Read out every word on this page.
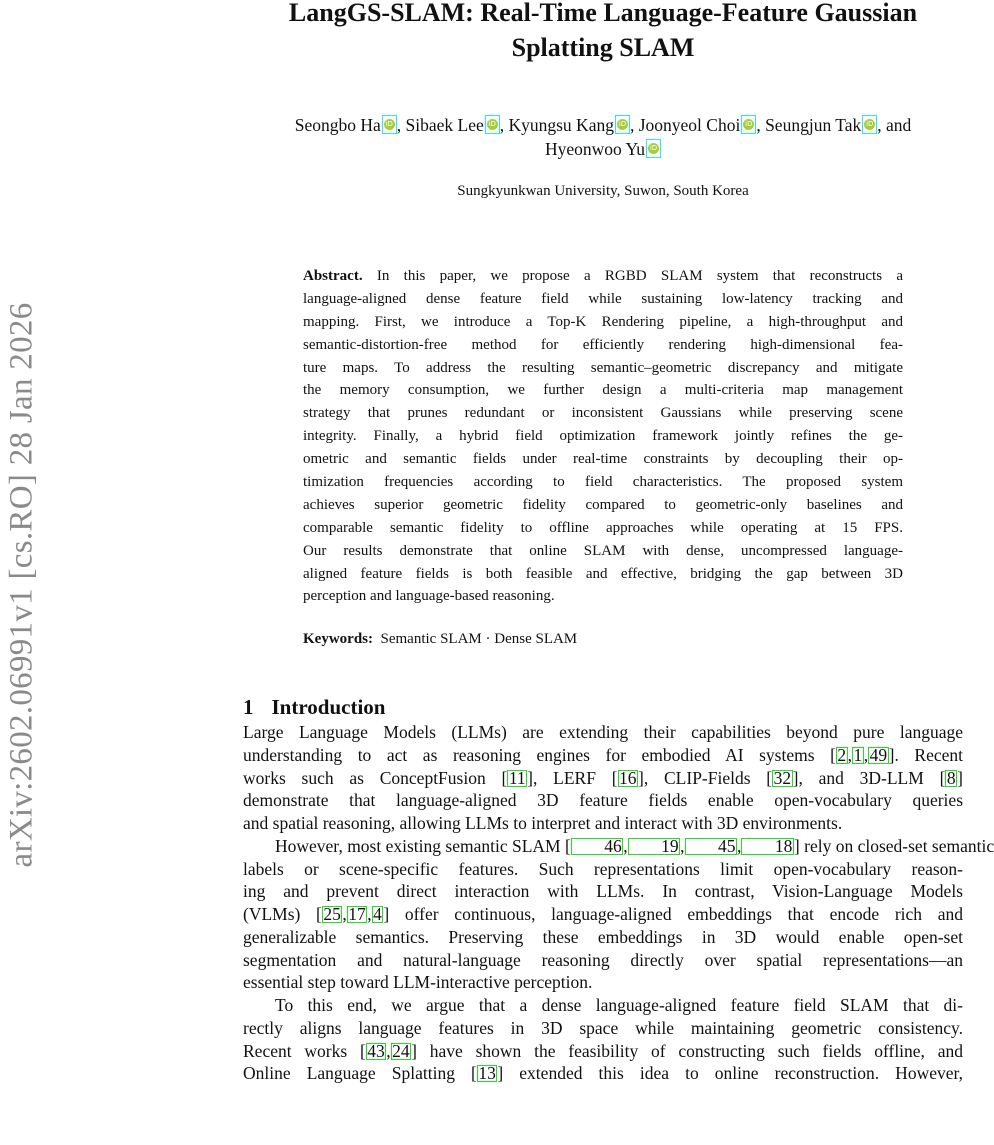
arXiv:2602.06991v1 [cs.RO] 28 Jan 2026
LangGS-SLAM: Real-Time Language-Feature Gaussian
Splatting SLAM
Seongbo Ha iD , Sibaek Lee iD , Kyungsu Kang iD , Joonyeol Choi iD , Seungjun Tak iD , and
Hyeonwoo YuiD
Sungkyunkwan University, Suwon, South Korea
Abstract. In this paper, we propose a RGBD SLAM system that reconstructs a
language-aligned dense feature field while sustaining low-latency tracking and
mapping. First, we introduce a Top-K Rendering pipeline, a high-throughput and
semantic-distortion-free method for efficiently rendering high-dimensional fea-
ture maps. To address the resulting semantic–geometric discrepancy and mitigate
the memory consumption, we further design a multi-criteria map management
strategy that prunes redundant or inconsistent Gaussians while preserving scene
integrity. Finally, a hybrid field optimization framework jointly refines the ge-
ometric and semantic fields under real-time constraints by decoupling their op-
timization frequencies according to field characteristics. The proposed system
achieves superior geometric fidelity compared to geometric-only baselines and
comparable semantic fidelity to offline approaches while operating at 15 FPS.
Our results demonstrate that online SLAM with dense, uncompressed language-
aligned feature fields is both feasible and effective, bridging the gap between 3D
perception and language-based reasoning.
Keywords: Semantic SLAM · Dense SLAM
1 Introduction
Large Language Models (LLMs) are extending their capabilities beyond pure language
understanding to act as reasoning engines for embodied AI systems [2,1,49]. Recent
works such as ConceptFusion [11], LERF [16], CLIP-Fields [32], and 3D-LLM [8]
demonstrate that language-aligned 3D feature fields enable open-vocabulary queries
and spatial reasoning, allowing LLMs to interpret and interact with 3D environments.
However, most existing semantic SLAM [ 46, 19, 45, 18] rely on closed-set semantic
labels or scene-specific features. Such representations limit open-vocabulary reason-
ing and prevent direct interaction with LLMs. In contrast, Vision-Language Models
(VLMs) [25,17,4] offer continuous, language-aligned embeddings that encode rich and
generalizable semantics. Preserving these embeddings in 3D would enable open-set
segmentation and natural-language reasoning directly over spatial representations—an
essential step toward LLM-interactive perception.
To this end, we argue that a dense language-aligned feature field SLAM that di-
rectly aligns language features in 3D space while maintaining geometric consistency.
Recent works [43,24] have shown the feasibility of constructing such fields offline, and
Online Language Splatting [13] extended this idea to online reconstruction. However,
